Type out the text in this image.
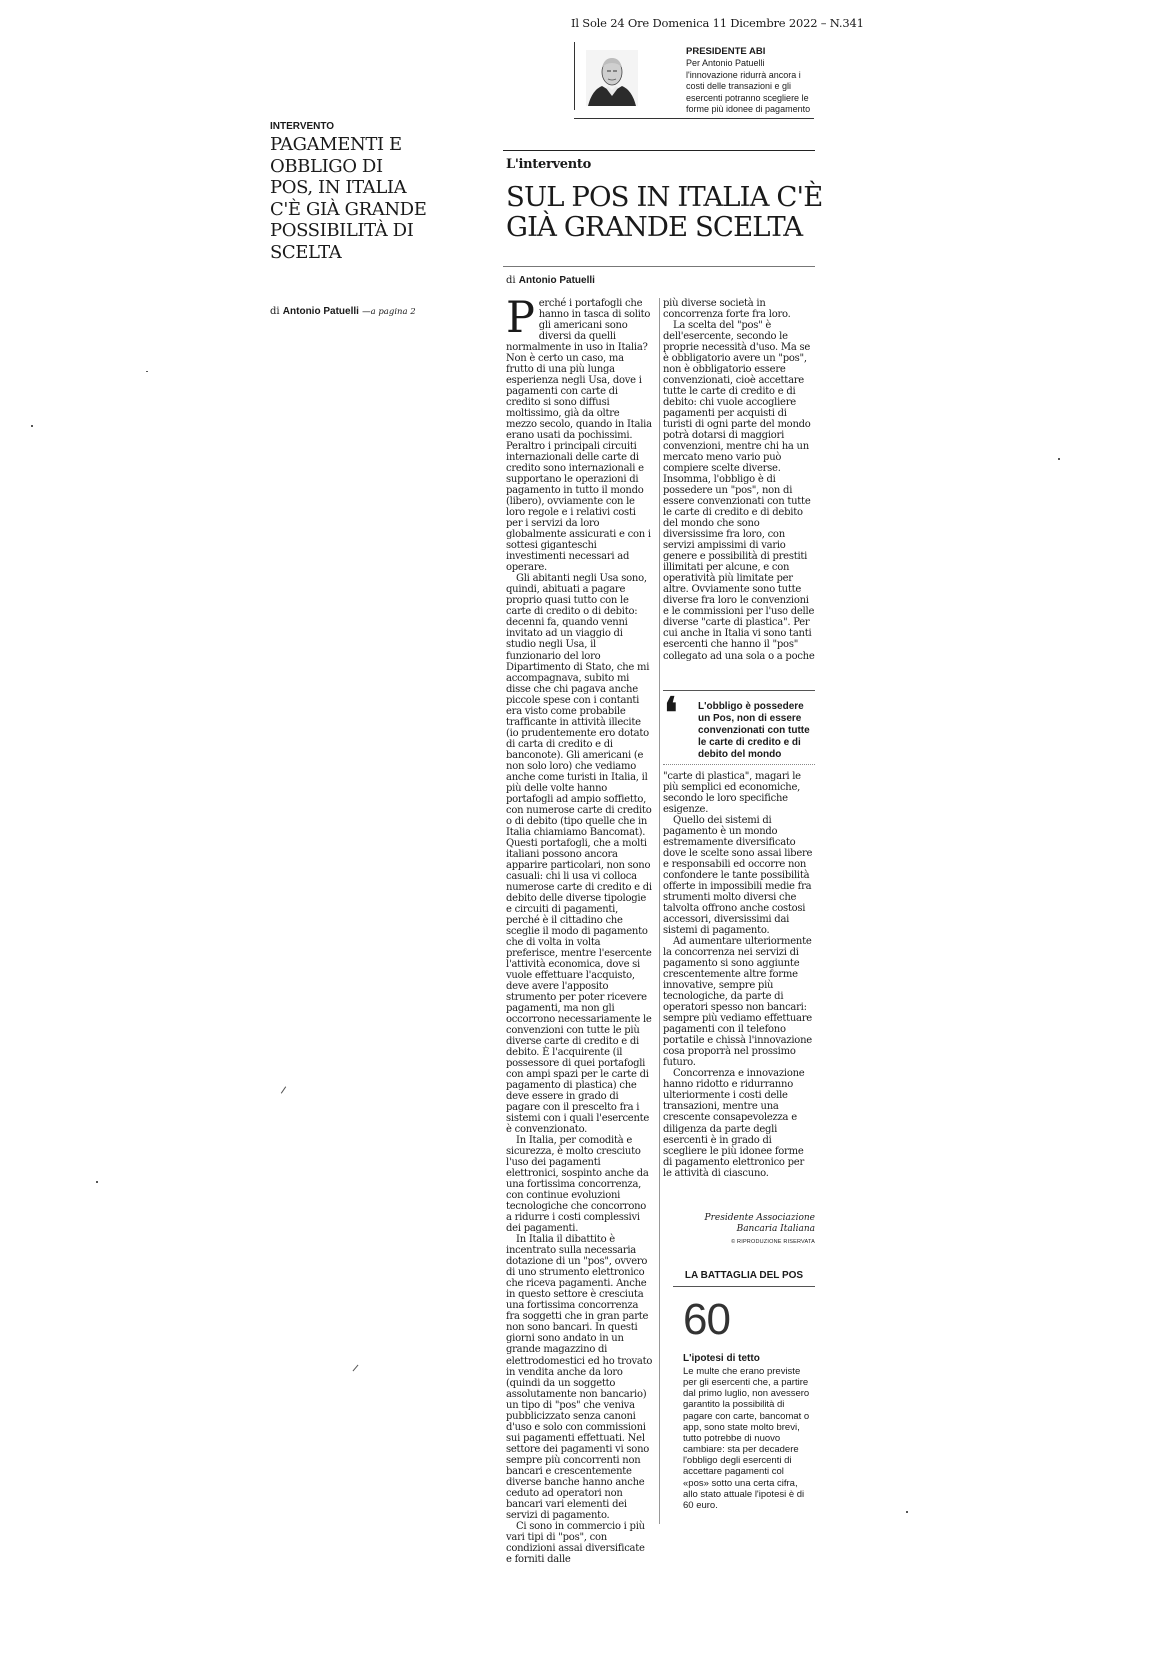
Il Sole 24 Ore Domenica 11 Dicembre 2022 – N.341
PRESIDENTE ABI
Per Antonio Patuelli l'innovazione ridurrà ancora i costi delle transazioni e gli esercenti potranno scegliere le forme più idonee di pagamento
INTERVENTO
PAGAMENTI E OBBLIGO DI POS, IN ITALIA C'È GIÀ GRANDE POSSIBILITÀ DI SCELTA
di Antonio Patuelli —a pagina 2
L'intervento
SUL POS IN ITALIA C'È GIÀ GRANDE SCELTA
di Antonio Patuelli
P erché i portafogli che hanno in tasca di solito gli americani sono diversi da quelli normalmente in uso in Italia? Non è certo un caso, ma frutto di una più lunga esperienza negli Usa, dove i pagamenti con carte di credito si sono diffusi moltissimo, già da oltre mezzo secolo, quando in Italia erano usati da pochissimi. Peraltro i principali circuiti internazionali delle carte di credito sono internazionali e supportano le operazioni di pagamento in tutto il mondo (libero), ovviamente con le loro regole e i relativi costi per i servizi da loro globalmente assicurati e con i sottesi giganteschi investimenti necessari ad operare.

Gli abitanti negli Usa sono, quindi, abituati a pagare proprio quasi tutto con le carte di credito o di debito: decenni fa, quando venni invitato ad un viaggio di studio negli Usa, il funzionario del loro Dipartimento di Stato, che mi accompagnava, subito mi disse che chi pagava anche piccole spese con i contanti era visto come probabile trafficante in attività illecite (io prudentemente ero dotato di carta di credito e di banconote). Gli americani (e non solo loro) che vediamo anche come turisti in Italia, il più delle volte hanno portafogli ad ampio soffietto, con numerose carte di credito o di debito (tipo quelle che in Italia chiamiamo Bancomat). Questi portafogli, che a molti italiani possono ancora apparire particolari, non sono casuali: chi li usa vi colloca numerose carte di credito e di debito delle diverse tipologie e circuiti di pagamenti, perché è il cittadino che sceglie il modo di pagamento che di volta in volta preferisce, mentre l'esercente l'attività economica, dove si vuole effettuare l'acquisto, deve avere l'apposito strumento per poter ricevere pagamenti, ma non gli occorrono necessariamente le convenzioni con tutte le più diverse carte di credito e di debito. È l'acquirente (il possessore di quei portafogli con ampi spazi per le carte di pagamento di plastica) che deve essere in grado di pagare con il prescelto fra i sistemi con i quali l'esercente è convenzionato.

In Italia, per comodità e sicurezza, è molto cresciuto l'uso dei pagamenti elettronici, sospinto anche da una fortissima concorrenza, con continue evoluzioni tecnologiche che concorrono a ridurre i costi complessivi dei pagamenti.

In Italia il dibattito è incentrato sulla necessaria dotazione di un "pos", ovvero di uno strumento elettronico che riceva pagamenti. Anche in questo settore è cresciuta una fortissima concorrenza fra soggetti che in gran parte non sono bancari. In questi giorni sono andato in un grande magazzino di elettrodomestici ed ho trovato in vendita anche da loro (quindi da un soggetto assolutamente non bancario) un tipo di "pos" che veniva pubblicizzato senza canoni d'uso e solo con commissioni sui pagamenti effettuati. Nel settore dei pagamenti vi sono sempre più concorrenti non bancari e crescentemente diverse banche hanno anche ceduto ad operatori non bancari vari elementi dei servizi di pagamento.

Ci sono in commercio i più vari tipi di "pos", con condizioni assai diversificate e forniti dalle

più diverse società in concorrenza forte fra loro.

La scelta del "pos" è dell'esercente, secondo le proprie necessità d'uso. Ma se è obbligatorio avere un "pos", non è obbligatorio essere convenzionati, cioè accettare tutte le carte di credito e di debito: chi vuole accogliere pagamenti per acquisti di turisti di ogni parte del mondo potrà dotarsi di maggiori convenzioni, mentre chi ha un mercato meno vario può compiere scelte diverse. Insomma, l'obbligo è di possedere un "pos", non di essere convenzionati con tutte le carte di credito e di debito del mondo che sono diversissime fra loro, con servizi ampissimi di vario genere e possibilità di prestiti illimitati per alcune, e con operatività più limitate per altre. Ovviamente sono tutte diverse fra loro le convenzioni e le commissioni per l'uso delle diverse "carte di plastica". Per cui anche in Italia vi sono tanti esercenti che hanno il "pos" collegato ad una sola o a poche

❛ L'obbligo è possedere un Pos, non di essere convenzionati con tutte le carte di credito e di debito del mondo

"carte di plastica", magari le più semplici ed economiche, secondo le loro specifiche esigenze.

Quello dei sistemi di pagamento è un mondo estremamente diversificato dove le scelte sono assai libere e responsabili ed occorre non confondere le tante possibilità offerte in impossibili medie fra strumenti molto diversi che talvolta offrono anche costosi accessori, diversissimi dai sistemi di pagamento.

Ad aumentare ulteriormente la concorrenza nei servizi di pagamento si sono aggiunte crescentemente altre forme innovative, sempre più tecnologiche, da parte di operatori spesso non bancari: sempre più vediamo effettuare pagamenti con il telefono portatile e chissà l'innovazione cosa proporrà nel prossimo futuro.

Concorrenza e innovazione hanno ridotto e ridurranno ulteriormente i costi delle transazioni, mentre una crescente consapevolezza e diligenza da parte degli esercenti è in grado di scegliere le più idonee forme di pagamento elettronico per le attività di ciascuno.

Presidente Associazione Bancaria Italiana
© RIPRODUZIONE RISERVATA
LA BATTAGLIA DEL POS
60
L'ipotesi di tetto
Le multe che erano previste per gli esercenti che, a partire dal primo luglio, non avessero garantito la possibilità di pagare con carte, bancomat o app, sono state molto brevi, tutto potrebbe di nuovo cambiare: sta per decadere l'obbligo degli esercenti di accettare pagamenti col «pos» sotto una certa cifra, allo stato attuale l'ipotesi è di 60 euro.
